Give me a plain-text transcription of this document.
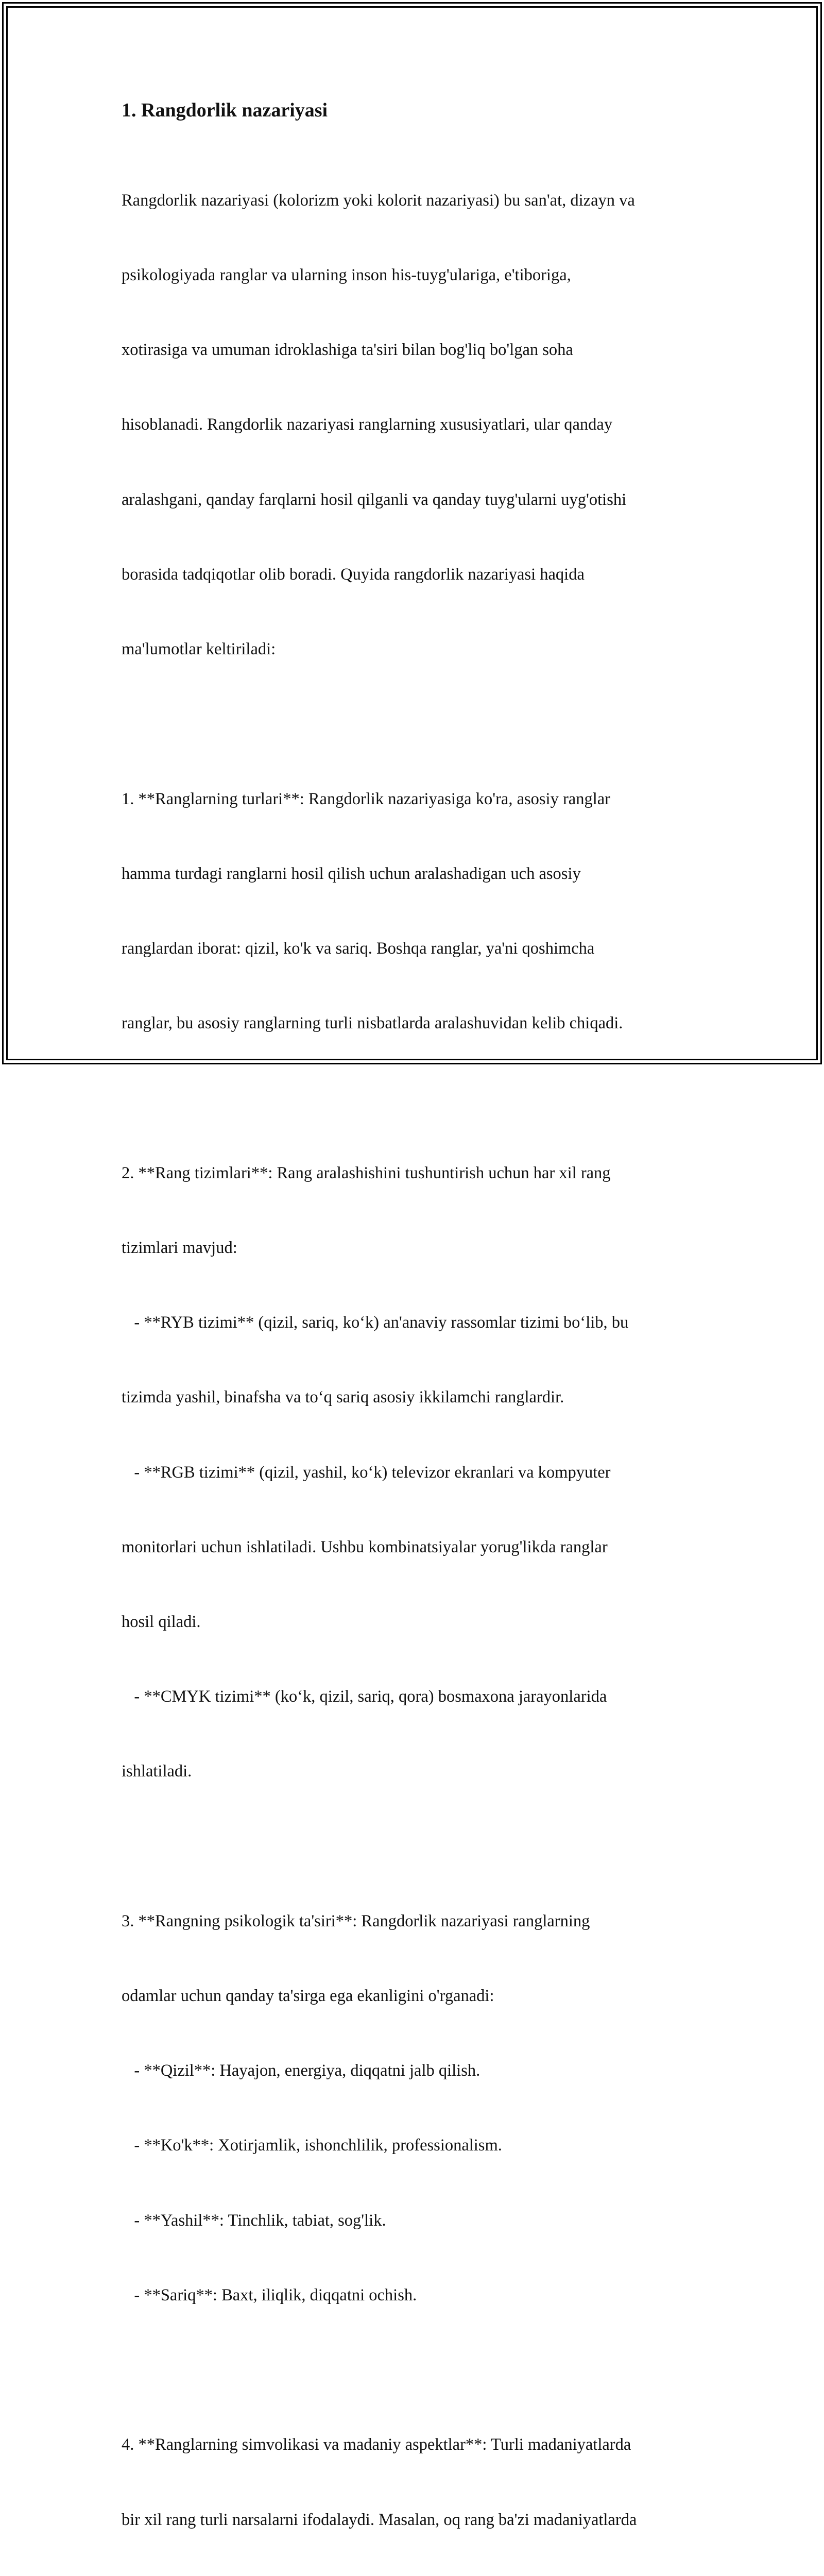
1. Rangdorlik nazariyasi

Rangdorlik nazariyasi (kolorizm yoki kolorit nazariyasi) bu san'at, dizayn va

psikologiyada ranglar va ularning inson his-tuyg'ulariga, e'tiboriga,

xotirasiga va umuman idroklashiga ta'siri bilan bog'liq bo'lgan soha

hisoblanadi. Rangdorlik nazariyasi ranglarning xususiyatlari, ular qanday

aralashgani, qanday farqlarni hosil qilganli va qanday tuyg'ularni uyg'otishi

borasida tadqiqotlar olib boradi. Quyida rangdorlik nazariyasi haqida

ma'lumotlar keltiriladi:

1. **Ranglarning turlari**: Rangdorlik nazariyasiga ko'ra, asosiy ranglar

hamma turdagi ranglarni hosil qilish uchun aralashadigan uch asosiy

ranglardan iborat: qizil, ko'k va sariq. Boshqa ranglar, ya'ni qoshimcha

ranglar, bu asosiy ranglarning turli nisbatlarda aralashuvidan kelib chiqadi.

2. **Rang tizimlari**: Rang aralashishini tushuntirish uchun har xil rang

tizimlari mavjud:

- **RYB tizimi** (qizil, sariq, ko‘k) an'anaviy rassomlar tizimi bo‘lib, bu

tizimda yashil, binafsha va to‘q sariq asosiy ikkilamchi ranglardir.

- **RGB tizimi** (qizil, yashil, ko‘k) televizor ekranlari va kompyuter

monitorlari uchun ishlatiladi. Ushbu kombinatsiyalar yorug'likda ranglar

hosil qiladi.

- **CMYK tizimi** (ko‘k, qizil, sariq, qora) bosmaxona jarayonlarida

ishlatiladi.

3. **Rangning psikologik ta'siri**: Rangdorlik nazariyasi ranglarning

odamlar uchun qanday ta'sirga ega ekanligini o'rganadi:

- **Qizil**: Hayajon, energiya, diqqatni jalb qilish.

- **Ko'k**: Xotirjamlik, ishonchlilik, professionalism.

- **Yashil**: Tinchlik, tabiat, sog'lik.

- **Sariq**: Baxt, iliqlik, diqqatni ochish.

4. **Ranglarning simvolikasi va madaniy aspektlar**: Turli madaniyatlarda

bir xil rang turli narsalarni ifodalaydi. Masalan, oq rang ba'zi madaniyatlarda
